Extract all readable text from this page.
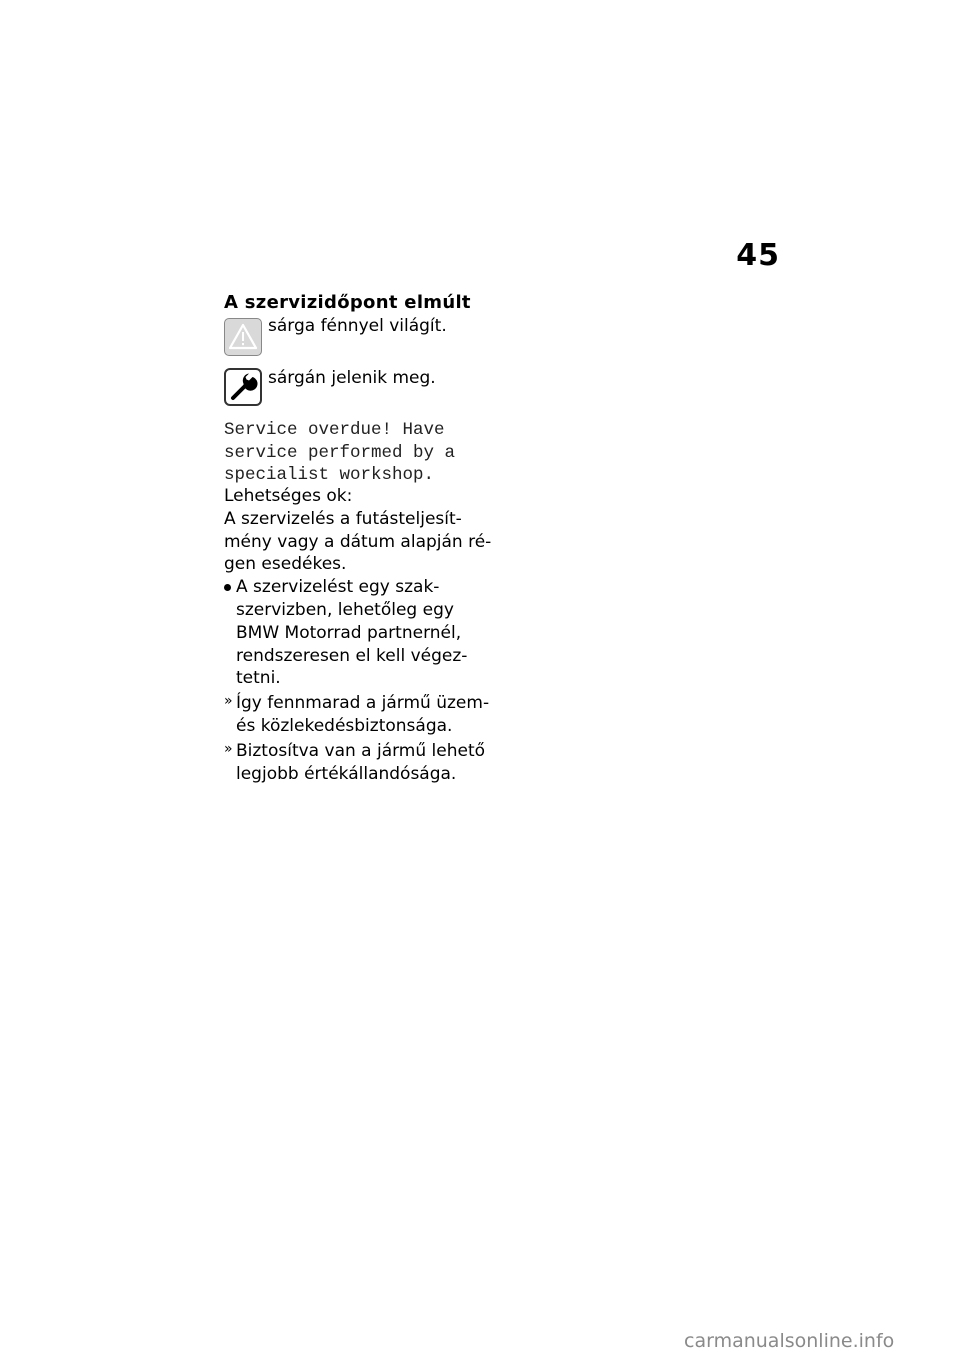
45
A szervizidőpont elmúlt
sárga fénnyel világít.
sárgán jelenik meg.
Service overdue! Have
service performed by a
specialist workshop.

Lehetséges ok:

A szervizelés a futásteljesít-

mény vagy a dátum alapján ré-

gen esedékes.

A szervizelést egy szak-

szervizben, lehetőleg egy

BMW Motorrad partnernél,

rendszeresen el kell végez-

tetni.

» Így fennmarad a jármű üzem-

és közlekedésbiztonsága.

» Biztosítva van a jármű lehető

legjobb értékállandósága.

carmanualsonline.info
